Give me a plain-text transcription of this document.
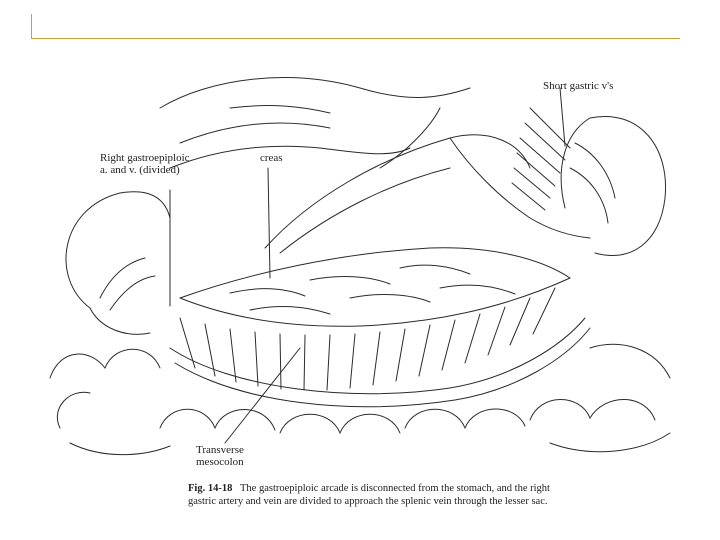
Right gastroepiploic
a. and v. (divided)
Short gastric v's
creas
Transverse
mesocolon
Fig. 14-18 The gastroepiploic arcade is disconnected from the stomach, and the right gastric artery and vein are divided to approach the splenic vein through the lesser sac.
